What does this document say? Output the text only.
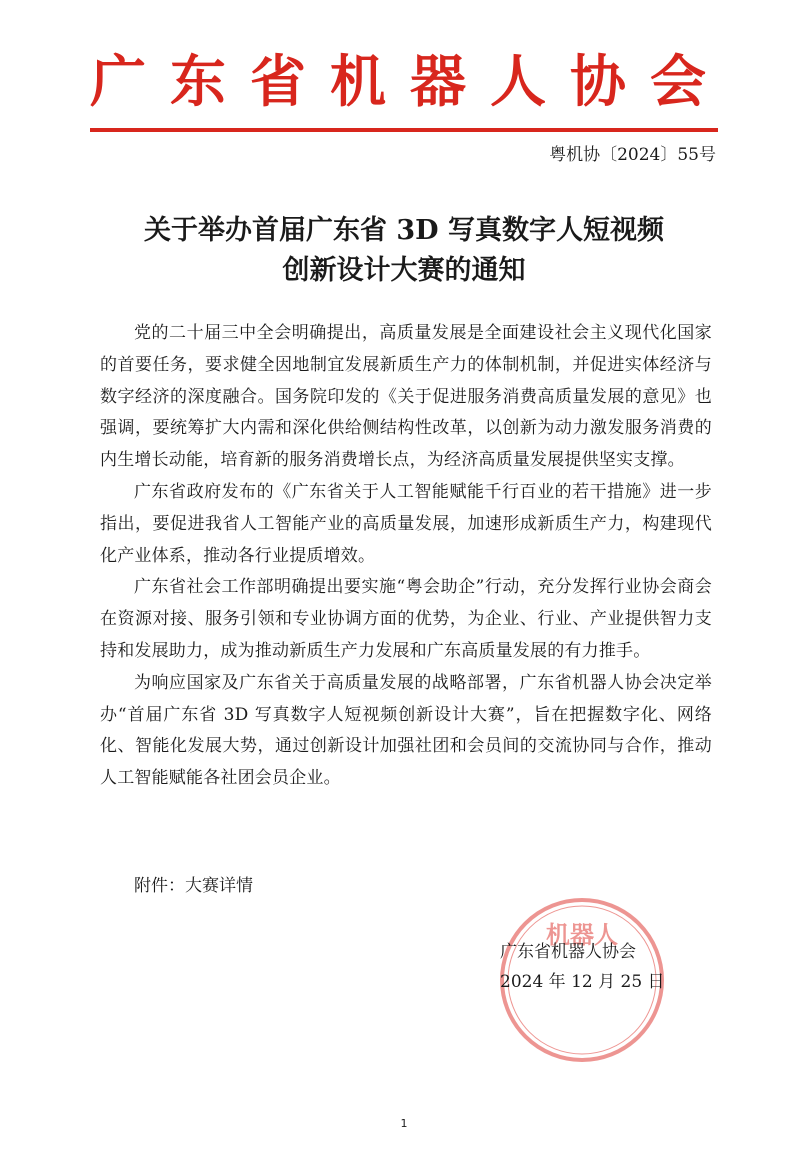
广东省机器人协会
粤机协〔2024〕55号
关于举办首届广东省 3D 写真数字人短视频
创新设计大赛的通知

党的二十届三中全会明确提出，高质量发展是全面建设社会主义现代化国家的首要任务，要求健全因地制宜发展新质生产力的体制机制，并促进实体经济与数字经济的深度融合。国务院印发的《关于促进服务消费高质量发展的意见》也强调，要统筹扩大内需和深化供给侧结构性改革，以创新为动力激发服务消费的内生增长动能，培育新的服务消费增长点，为经济高质量发展提供坚实支撑。

广东省政府发布的《广东省关于人工智能赋能千行百业的若干措施》进一步指出，要促进我省人工智能产业的高质量发展，加速形成新质生产力，构建现代化产业体系，推动各行业提质增效。

广东省社会工作部明确提出要实施“粤会助企”行动，充分发挥行业协会商会在资源对接、服务引领和专业协调方面的优势，为企业、行业、产业提供智力支持和发展助力，成为推动新质生产力发展和广东高质量发展的有力推手。

为响应国家及广东省关于高质量发展的战略部署，广东省机器人协会决定举办“首届广东省 3D 写真数字人短视频创新设计大赛”，旨在把握数字化、网络化、智能化发展大势，通过创新设计加强社团和会员间的交流协同与合作，推动人工智能赋能各社团会员企业。

附件：大赛详情
机器人
广东省机器人协会
2024 年 12 月 25 日
1
